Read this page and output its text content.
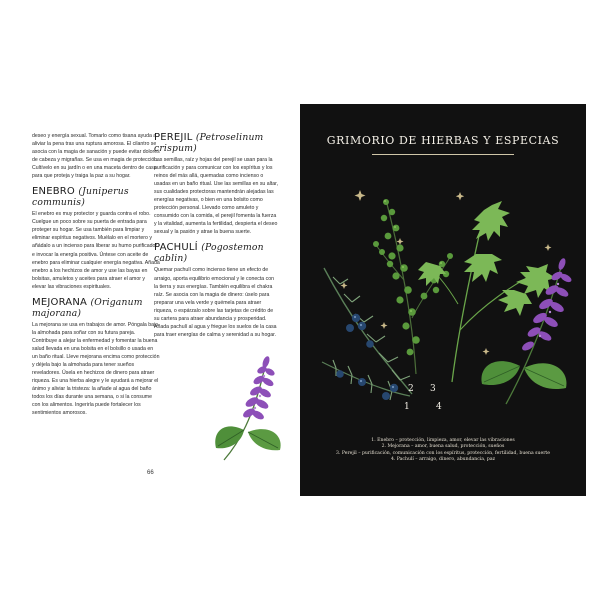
deseo y energía sexual. Tomarlo como tisana ayuda a aliviar la pena tras una ruptura amorosa. El cilantro se asocia con la magia de sanación y puede evitar dolores de cabeza y migrañas. Se usa en magia de protección. Cultívelo en su jardín o en una maceta dentro de casa para que proteja y traiga la paz a su hogar.

ENEBRO (Juniperus communis)

El enebro es muy protector y guarda contra el robo. Cuelgue un poco sobre su puerta de entrada para proteger su hogar. Se usa también para limpiar y eliminar espíritus negativos. Muélalo en el mortero y añádalo a un incienso para liberar su humo purificador e invocar la energía positiva. Úntese con aceite de enebro para eliminar cualquier energía negativa. Añada enebro a los hechizos de amor y use las bayas en bolsitas, amuletos y aceites para atraer el amor y elevar las vibraciones espirituales.

MEJORANA (Origanum majorana)

La mejorana se usa en trabajos de amor. Póngala bajo la almohada para soñar con su futura pareja. Contribuye a alejar la enfermedad y fomentar la buena salud llevada en una bolsita en el bolsillo o usada en un baño ritual. Lleve mejorana encima como protección y déjela bajo la almohada para tener sueños reveladores. Úsela en hechizos de dinero para atraer riqueza. Es una hierba alegre y le ayudará a mejorar el ánimo y aliviar la tristeza: la añade al agua del baño todos los días durante una semana, o si la consume con los alimentos. Ingerirla puede fortalecer los sentimientos amorosos.

PEREJIL (Petroselinum crispum)

Las semillas, raíz y hojas del perejil se usan para la purificación y para comunicar con los espíritus y los reinos del más allá, quemadas como incienso o usadas en un baño ritual. Use las semillas en su altar, sus cualidades protectoras mantendrán alejadas las energías negativas, o bien en una bolsito como protección personal. Llevado como amuleto y consumido con la comida, el perejil fomenta la fuerza y la vitalidad, aumenta la fertilidad, despierta el deseo sexual y la pasión y atrae la buena suerte.

PACHULÍ (Pogostemon cablin)

Quemar pachulí como incienso tiene un efecto de arraigo, aporta equilibrio emocional y le conecta con la tierra y sus energías. También equilibra el chakra raíz. Se asocia con la magia de dinero: úselo para preparar una vela verde y quémela para atraer riqueza, o espárzalo sobre las tarjetas de crédito de su cartera para atraer abundancia y prosperidad. Añada pachulí al agua y friegue los suelos de la casa para traer energías de calma y serenidad a su hogar.

66
GRIMORIO DE HIERBAS Y ESPECIAS
2 3
1	4
1. Enebro – protección, limpieza, amor, elevar las vibraciones
2. Mejorana – amor, buena salud, protección, sueños
3. Perejil – purificación, comunicación con los espíritus, protección, fertilidad, buena suerte
4. Pachulí – arraigo, dinero, abundancia, paz
